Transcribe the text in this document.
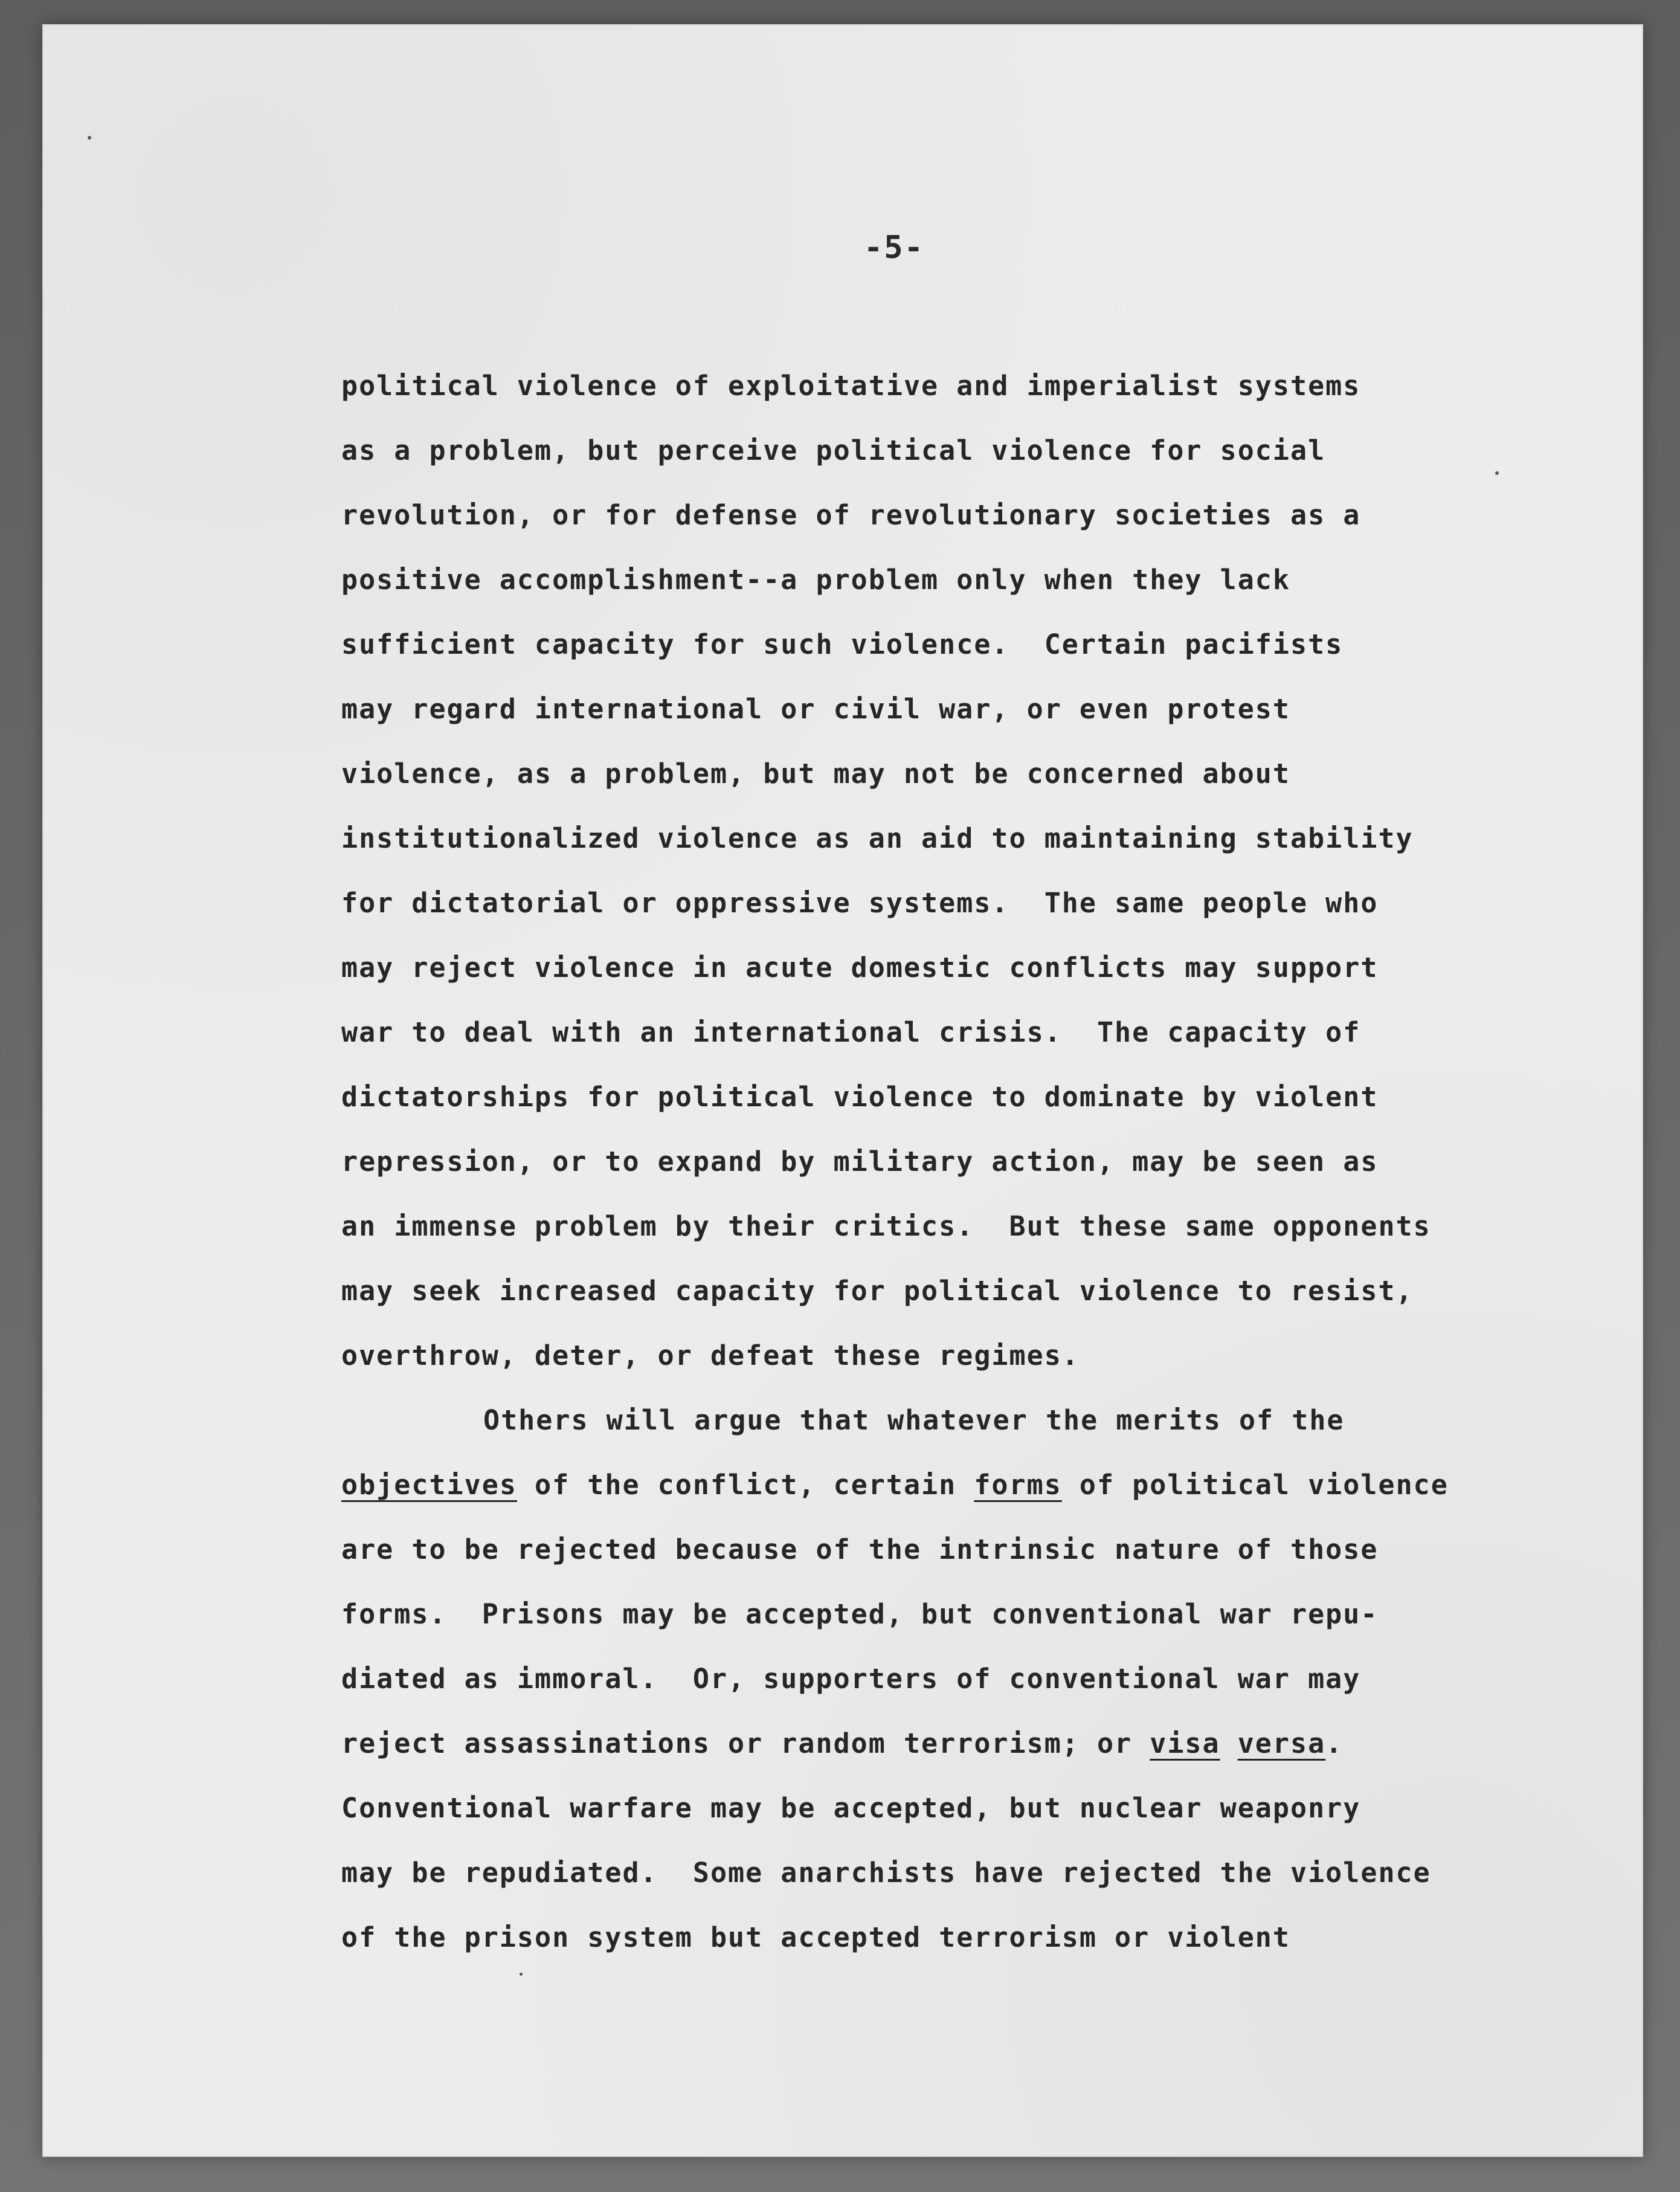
-5-
political violence of exploitative and imperialist systems
as a problem, but perceive political violence for social
revolution, or for defense of revolutionary societies as a
positive accomplishment--a problem only when they lack
sufficient capacity for such violence.  Certain pacifists
may regard international or civil war, or even protest
violence, as a problem, but may not be concerned about
institutionalized violence as an aid to maintaining stability
for dictatorial or oppressive systems.  The same people who
may reject violence in acute domestic conflicts may support
war to deal with an international crisis.  The capacity of
dictatorships for political violence to dominate by violent
repression, or to expand by military action, may be seen as
an immense problem by their critics.  But these same opponents
may seek increased capacity for political violence to resist,
overthrow, deter, or defeat these regimes.
Others will argue that whatever the merits of the
objectives of the conflict, certain forms of political violence
are to be rejected because of the intrinsic nature of those
forms.  Prisons may be accepted, but conventional war repu-
diated as immoral.  Or, supporters of conventional war may
reject assassinations or random terrorism; or visa versa.
Conventional warfare may be accepted, but nuclear weaponry
may be repudiated.  Some anarchists have rejected the violence
of the prison system but accepted terrorism or violent
